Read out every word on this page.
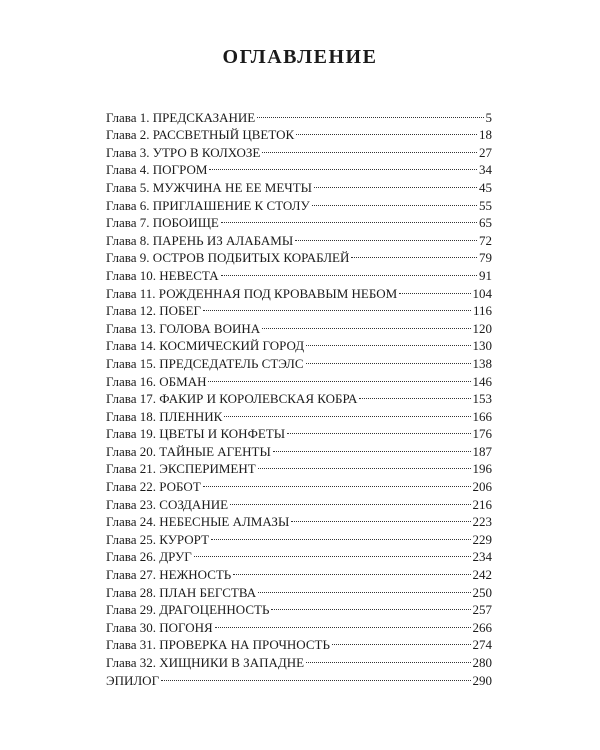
ОГЛАВЛЕНИЕ
Глава 1. ПРЕДСКАЗАНИЕ	5
Глава 2. РАССВЕТНЫЙ ЦВЕТОК	18
Глава 3. УТРО В КОЛХОЗЕ	27
Глава 4. ПОГРОМ	34
Глава 5. МУЖЧИНА НЕ ЕЕ МЕЧТЫ	45
Глава 6. ПРИГЛАШЕНИЕ К СТОЛУ	55
Глава 7. ПОБОИЩЕ	65
Глава 8. ПАРЕНЬ ИЗ АЛАБАМЫ	72
Глава 9. ОСТРОВ ПОДБИТЫХ КОРАБЛЕЙ	79
Глава 10. НЕВЕСТА	91
Глава 11. РОЖДЕННАЯ ПОД КРОВАВЫМ НЕБОМ	104
Глава 12. ПОБЕГ	116
Глава 13. ГОЛОВА ВОИНА	120
Глава 14. КОСМИЧЕСКИЙ ГОРОД	130
Глава 15. ПРЕДСЕДАТЕЛЬ СТЭЛС	138
Глава 16. ОБМАН	146
Глава 17. ФАКИР И КОРОЛЕВСКАЯ КОБРА	153
Глава 18. ПЛЕННИК	166
Глава 19. ЦВЕТЫ И КОНФЕТЫ	176
Глава 20. ТАЙНЫЕ АГЕНТЫ	187
Глава 21. ЭКСПЕРИМЕНТ	196
Глава 22. РОБОТ	206
Глава 23. СОЗДАНИЕ	216
Глава 24. НЕБЕСНЫЕ АЛМАЗЫ	223
Глава 25. КУРОРТ	229
Глава 26. ДРУГ	234
Глава 27. НЕЖНОСТЬ	242
Глава 28. ПЛАН БЕГСТВА	250
Глава 29. ДРАГОЦЕННОСТЬ	257
Глава 30. ПОГОНЯ	266
Глава 31. ПРОВЕРКА НА ПРОЧНОСТЬ	274
Глава 32. ХИЩНИКИ В ЗАПАДНЕ	280
ЭПИЛОГ	290
